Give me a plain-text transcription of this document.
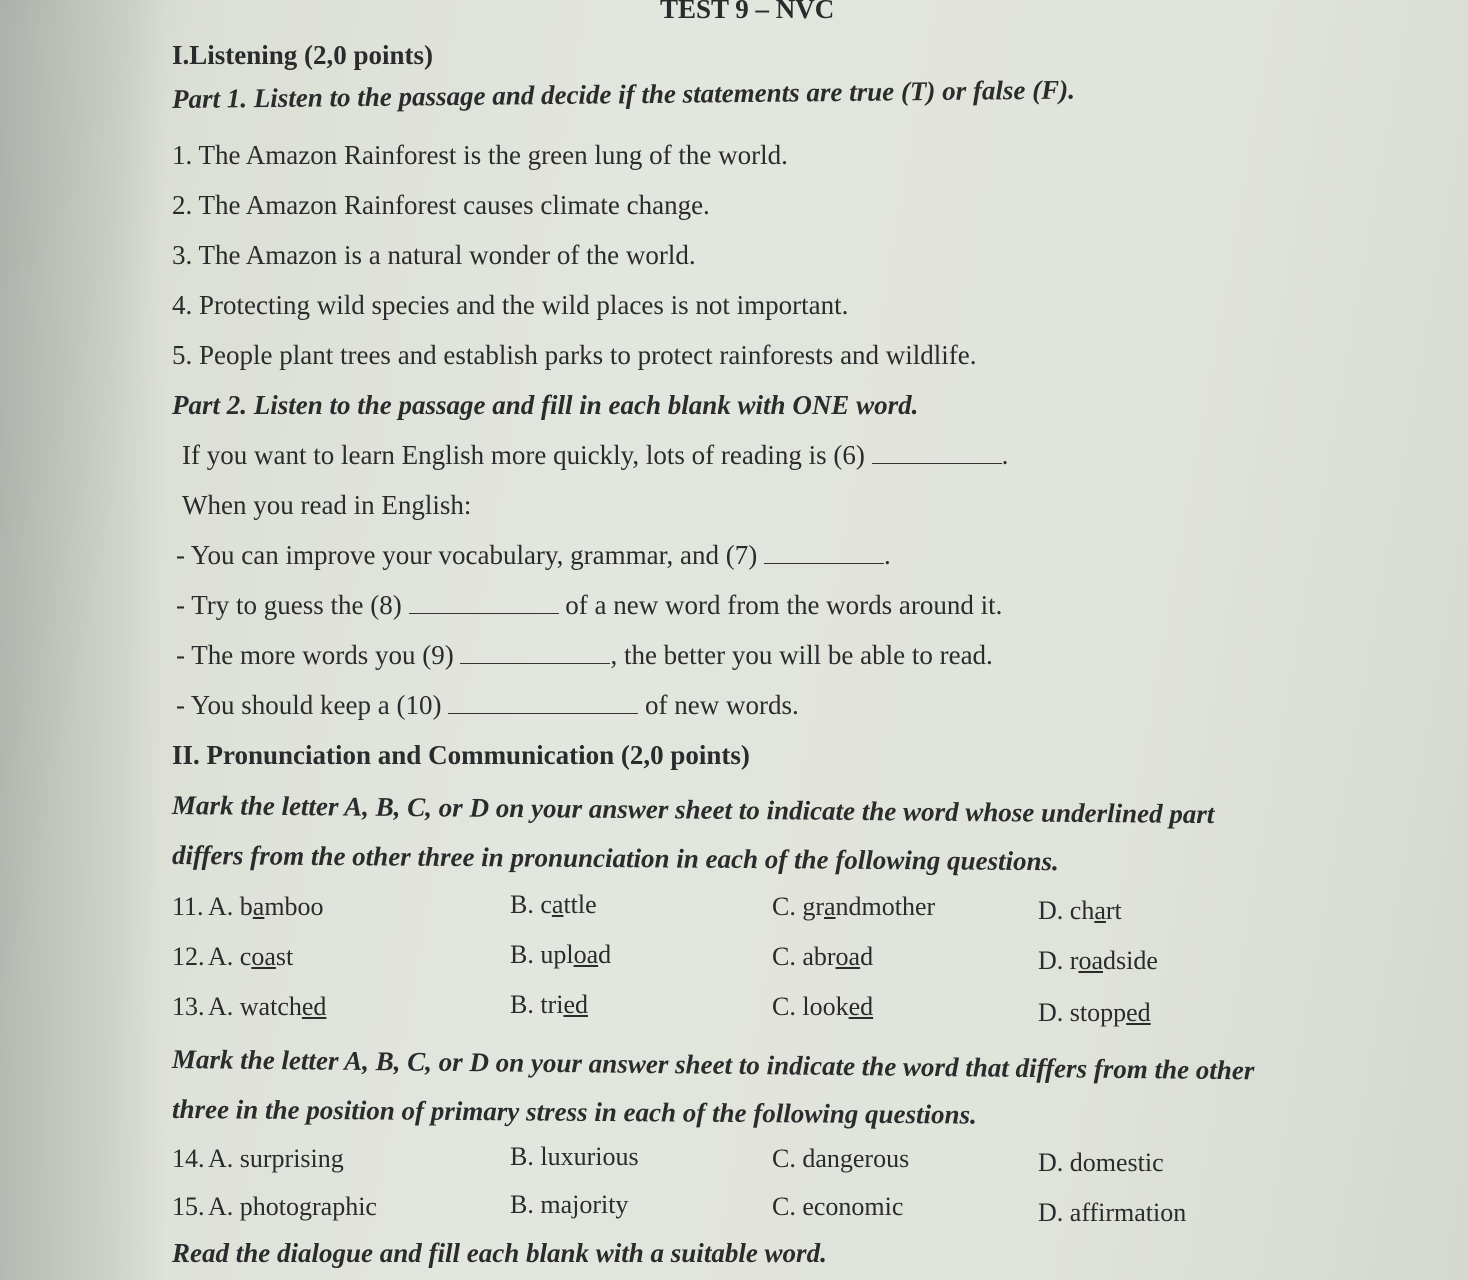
TEST 9 – NVC
I.Listening (2,0 points)
Part 1. Listen to the passage and decide if the statements are true (T) or false (F).
1. The Amazon Rainforest is the green lung of the world.
2. The Amazon Rainforest causes climate change.
3. The Amazon is a natural wonder of the world.
4. Protecting wild species and the wild places is not important.
5. People plant trees and establish parks to protect rainforests and wildlife.
Part 2. Listen to the passage and fill in each blank with ONE word.
If you want to learn English more quickly, lots of reading is (6)	.
When you read in English:
- You can improve your vocabulary, grammar, and (7)	.
- Try to guess the (8)	of a new word from the words around it.
- The more words you (9)	, the better you will be able to read.
- You should keep a (10)	of new words.
II. Pronunciation and Communication (2,0 points)
Mark the letter A, B, C, or D on your answer sheet to indicate the word whose underlined part
differs from the other three in pronunciation in each of the following questions.
11. A. bamboo	B. cattle	C. grandmother	D. chart
12. A. coast	B. upload	C. abroad	D. roadside
13. A. watched	B. tried	C. looked	D. stopped
Mark the letter A, B, C, or D on your answer sheet to indicate the word that differs from the other
three in the position of primary stress in each of the following questions.
14. A. surprising	B. luxurious	C. dangerous	D. domestic
15. A. photographic	B. majority	C. economic	D. affirmation
Read the dialogue and fill each blank with a suitable word.
